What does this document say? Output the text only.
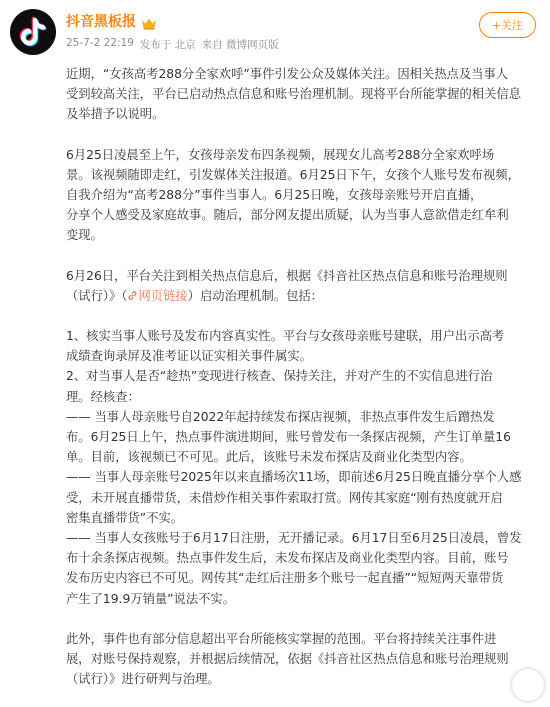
抖音黑板报
25-7-2 22:19 发布于 北京 来自 微博网页版
+关注

近期，“女孩高考288分全家欢呼”事件引发公众及媒体关注。因相关热点及当事人

受到较高关注，平台已启动热点信息和账号治理机制。现将平台所能掌握的相关信息

及举措予以说明。

6月25日凌晨至上午，女孩母亲发布四条视频，展现女儿高考288分全家欢呼场

景。该视频随即走红，引发媒体关注报道。6月25日下午，女孩个人账号发布视频，

自我介绍为“高考288分”事件当事人。6月25日晚，女孩母亲账号开启直播，

分享个人感受及家庭故事。随后，部分网友提出质疑，认为当事人意欲借走红牟利

变现。

6月26日，平台关注到相关热点信息后，根据《抖音社区热点信息和账号治理规则

（试行）》（ 网页链接）启动治理机制。包括：

1、核实当事人账号及发布内容真实性。平台与女孩母亲账号建联，用户出示高考

成绩查询录屏及准考证以证实相关事件属实。

2、对当事人是否“趁热”变现进行核查、保持关注，并对产生的不实信息进行治

理。经核查：

—— 当事人母亲账号自2022年起持续发布探店视频，非热点事件发生后蹭热发

布。6月25日上午，热点事件演进期间，账号曾发布一条探店视频，产生订单量16

单。目前，该视频已不可见。此后，该账号未发布探店及商业化类型内容。

—— 当事人母亲账号2025年以来直播场次11场，即前述6月25日晚直播分享个人感

受，未开展直播带货，未借炒作相关事件索取打赏。网传其家庭“刚有热度就开启

密集直播带货”不实。

—— 当事人女孩账号于6月17日注册，无开播记录。6月17日至6月25日凌晨，曾发

布十余条探店视频。热点事件发生后，未发布探店及商业化类型内容。目前，账号

发布历史内容已不可见。网传其“走红后注册多个账号一起直播”“短短两天靠带货

产生了19.9万销量”说法不实。

此外，事件也有部分信息超出平台所能核实掌握的范围。平台将持续关注事件进

展，对账号保持观察，并根据后续情况，依据《抖音社区热点信息和账号治理规则

（试行）》进行研判与治理。
